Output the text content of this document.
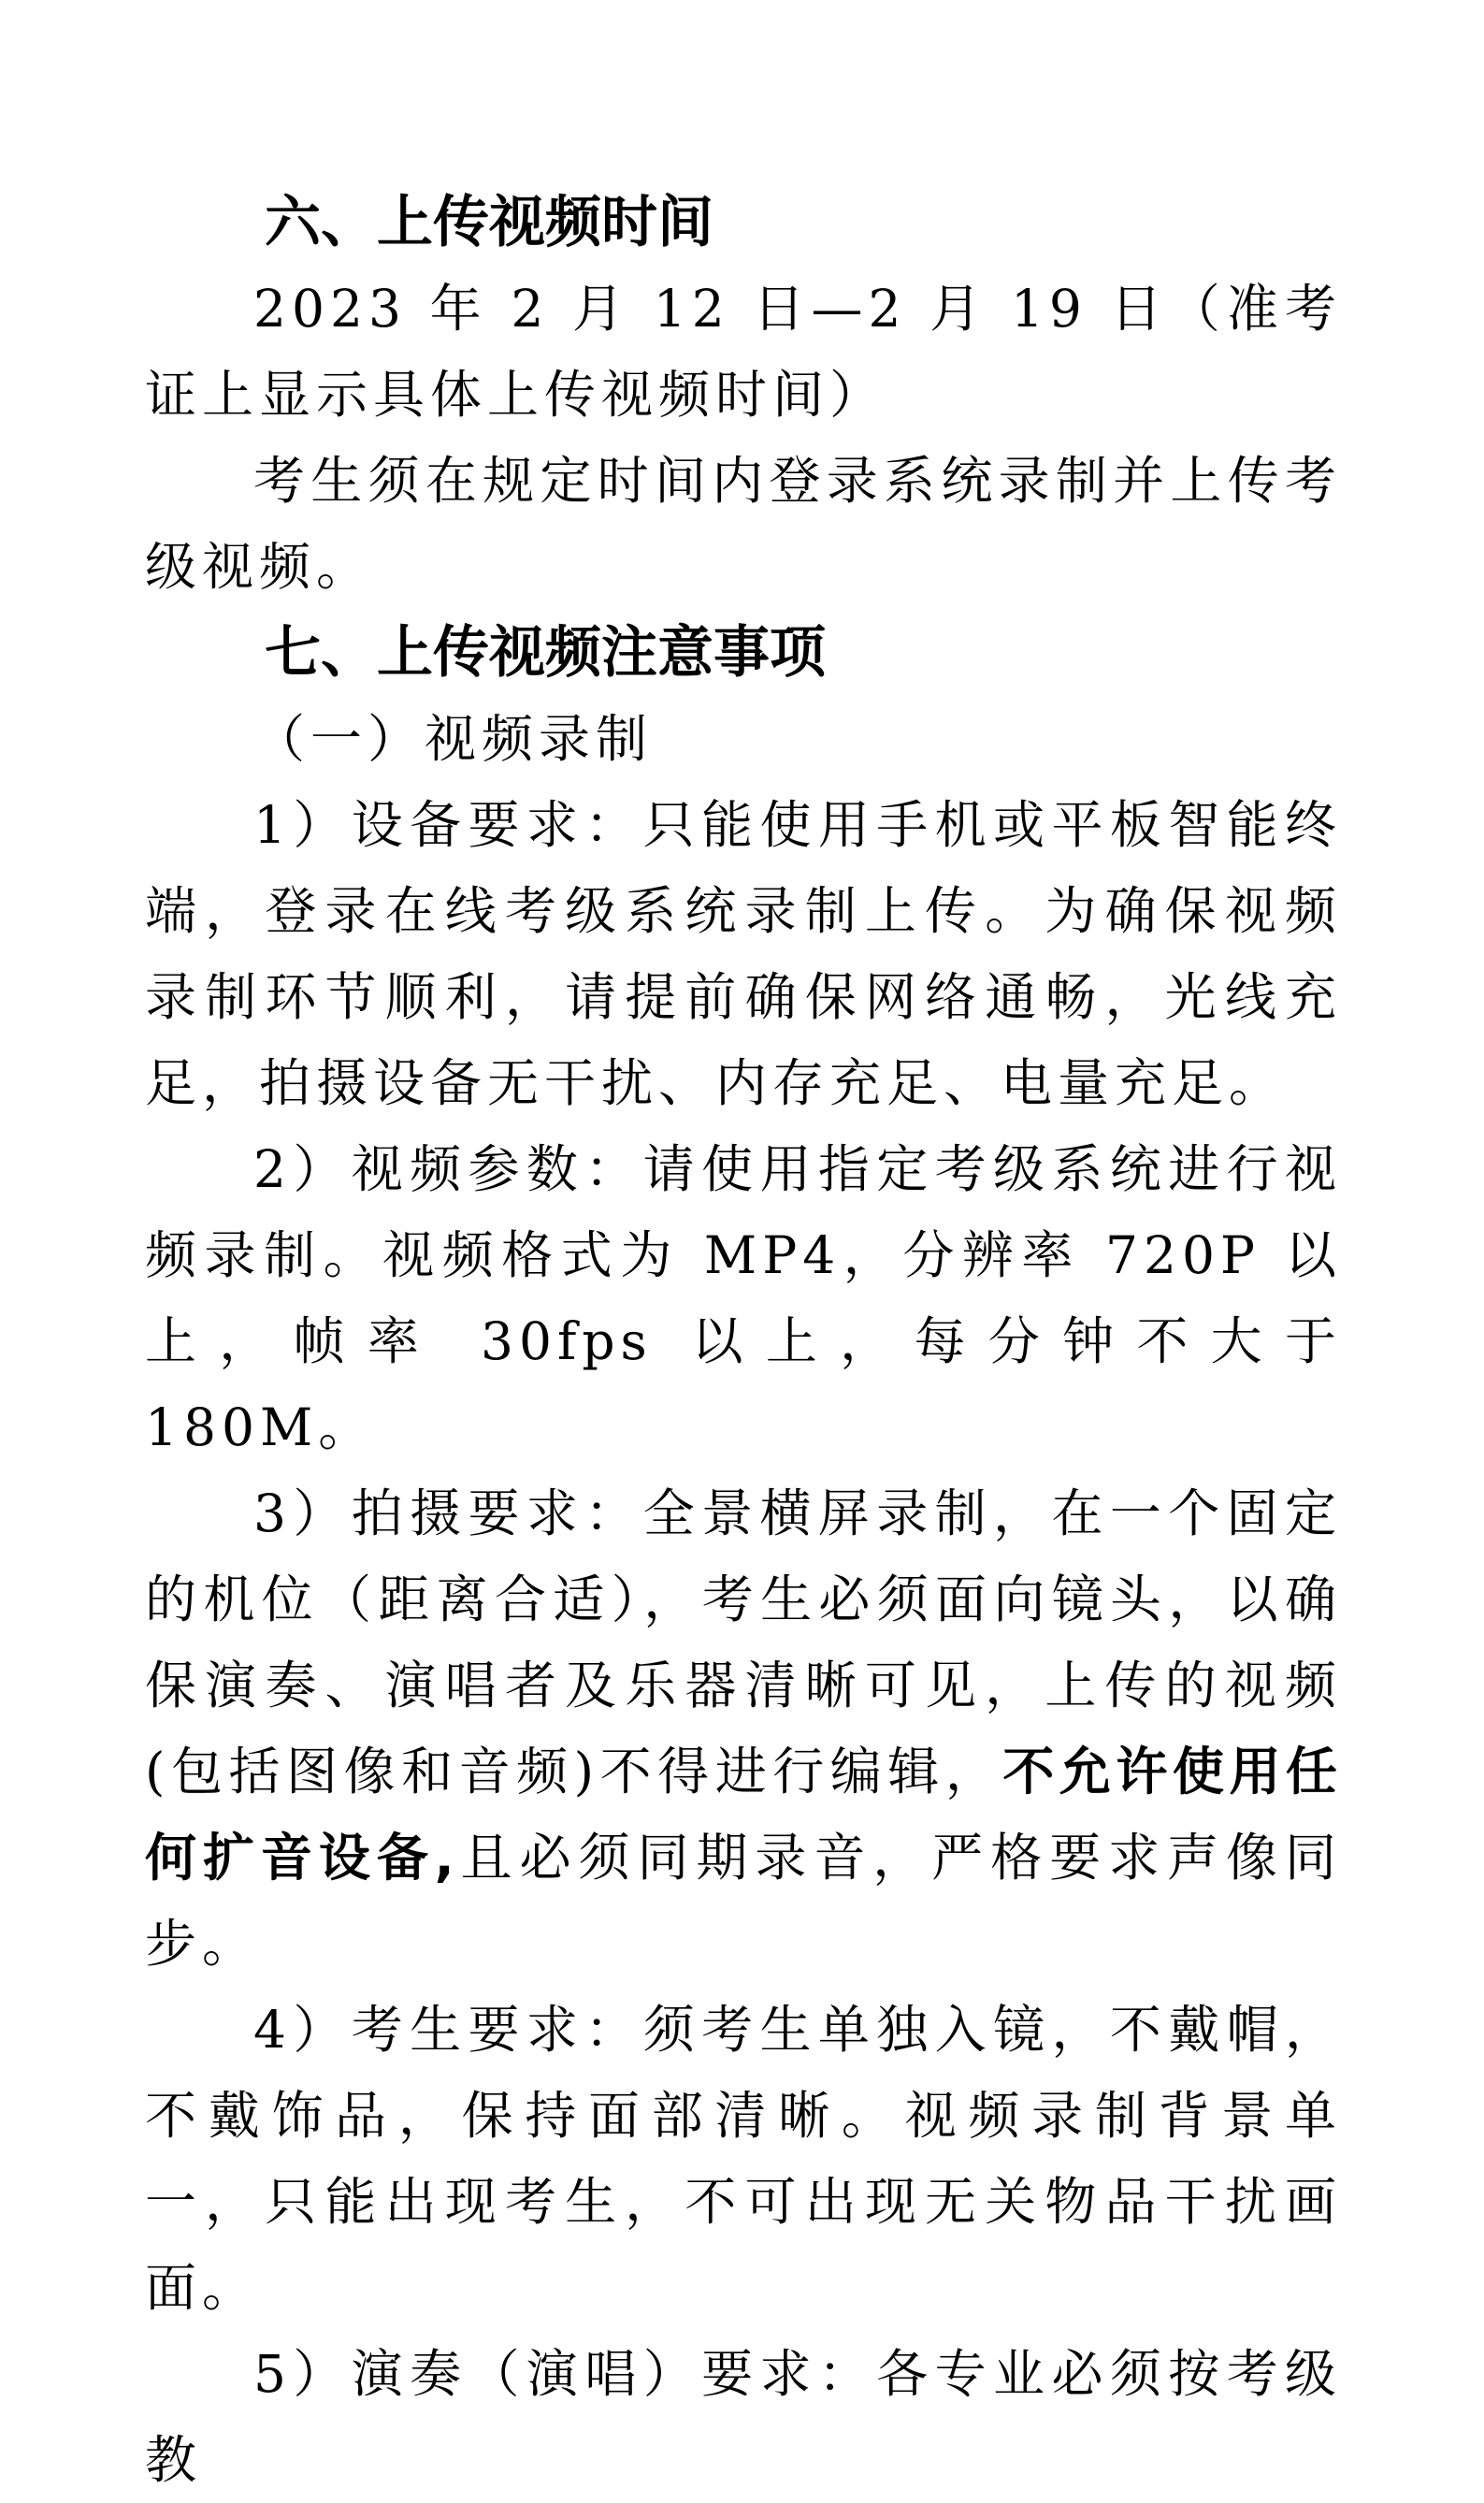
六、上传视频时间

2023 年 2 月 12 日—2 月 19 日（准考证上显示具体上传视频时间）

考生须在规定时间内登录系统录制并上传考级视频。

七、上传视频注意事项

（一）视频录制

1）设备要求：只能使用手机或平板智能终端，登录在线考级系统录制上传。为确保视频录制环节顺利，请提前确保网络通畅，光线充足，拍摄设备无干扰、内存充足、电量充足。

2）视频参数：请使用指定考级系统进行视频录制。视频格式为 MP4，分辨率 720P 以上，帧率 30fps 以上，每分钟不大于 180M。

3）拍摄要求：全景横屏录制，在一个固定的机位（距离合适），考生必须面向镜头，以确保演奏、演唱者及乐器清晰可见，上传的视频(包括图像和音频)不得进行编辑，不允许使用任何扩音设备,且必须同期录音，严格要求声像同步。

4）考生要求：须考生单独入镜，不戴帽，不戴饰品，保持面部清晰。视频录制背景单一，只能出现考生，不可出现无关物品干扰画面。

5）演奏（演唱）要求：各专业必须按考级教
